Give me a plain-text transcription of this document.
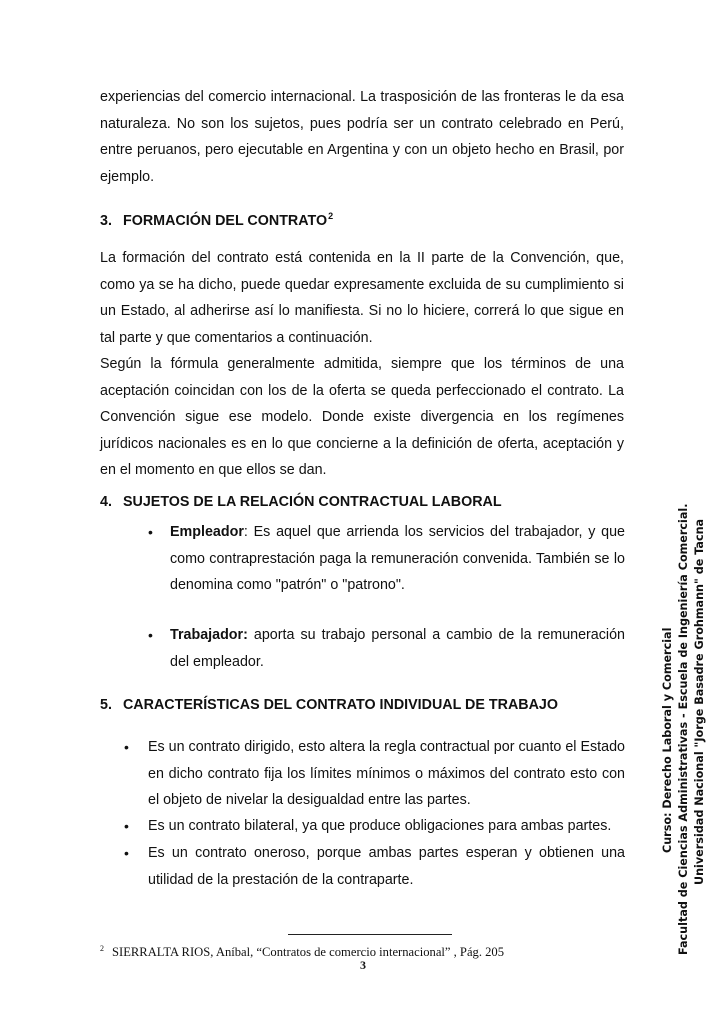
experiencias del comercio internacional. La trasposición de las fronteras le da esa naturaleza. No son los sujetos, pues podría ser un contrato celebrado en Perú, entre peruanos, pero ejecutable en Argentina y con un objeto hecho en Brasil, por ejemplo.

3. FORMACIÓN DEL CONTRATO$^2$

La formación del contrato está contenida en la II parte de la Convención, que, como ya se ha dicho, puede quedar expresamente excluida de su cumplimiento si un Estado, al adherirse así lo manifiesta. Si no lo hiciere, correrá lo que sigue en tal parte y que comentarios a continuación.

Según la fórmula generalmente admitida, siempre que los términos de una aceptación coincidan con los de la oferta se queda perfeccionado el contrato. La Convención sigue ese modelo. Donde existe divergencia en los regímenes jurídicos nacionales es en lo que concierne a la definición de oferta, aceptación y en el momento en que ellos se dan.

4. SUJETOS DE LA RELACIÓN CONTRACTUAL LABORAL
• Empleador: Es aquel que arrienda los servicios del trabajador, y que como contraprestación paga la remuneración convenida. También se lo denomina como "patrón" o "patrono".

• Trabajador: aporta su trabajo personal a cambio de la remuneración del empleador.

5. CARACTERÍSTICAS DEL CONTRATO INDIVIDUAL DE TRABAJO
• Es un contrato dirigido, esto altera la regla contractual por cuanto el Estado en dicho contrato fija los límites mínimos o máximos del contrato esto con el objeto de nivelar la desigualdad entre las partes.

• Es un contrato bilateral, ya que produce obligaciones para ambas partes.

• Es un contrato oneroso, porque ambas partes esperan y obtienen una utilidad de la prestación de la contraparte.

$^2$ SIERRALTA RIOS, Aníbal, “Contratos de comercio internacional” , Pág. 205

3
Curso: Derecho Laboral y Comercial Facultad de Ciencias Administrativas - Escuela de Ingeniería Comercial. Universidad Nacional "Jorge Basadre Grohmann" de Tacna
